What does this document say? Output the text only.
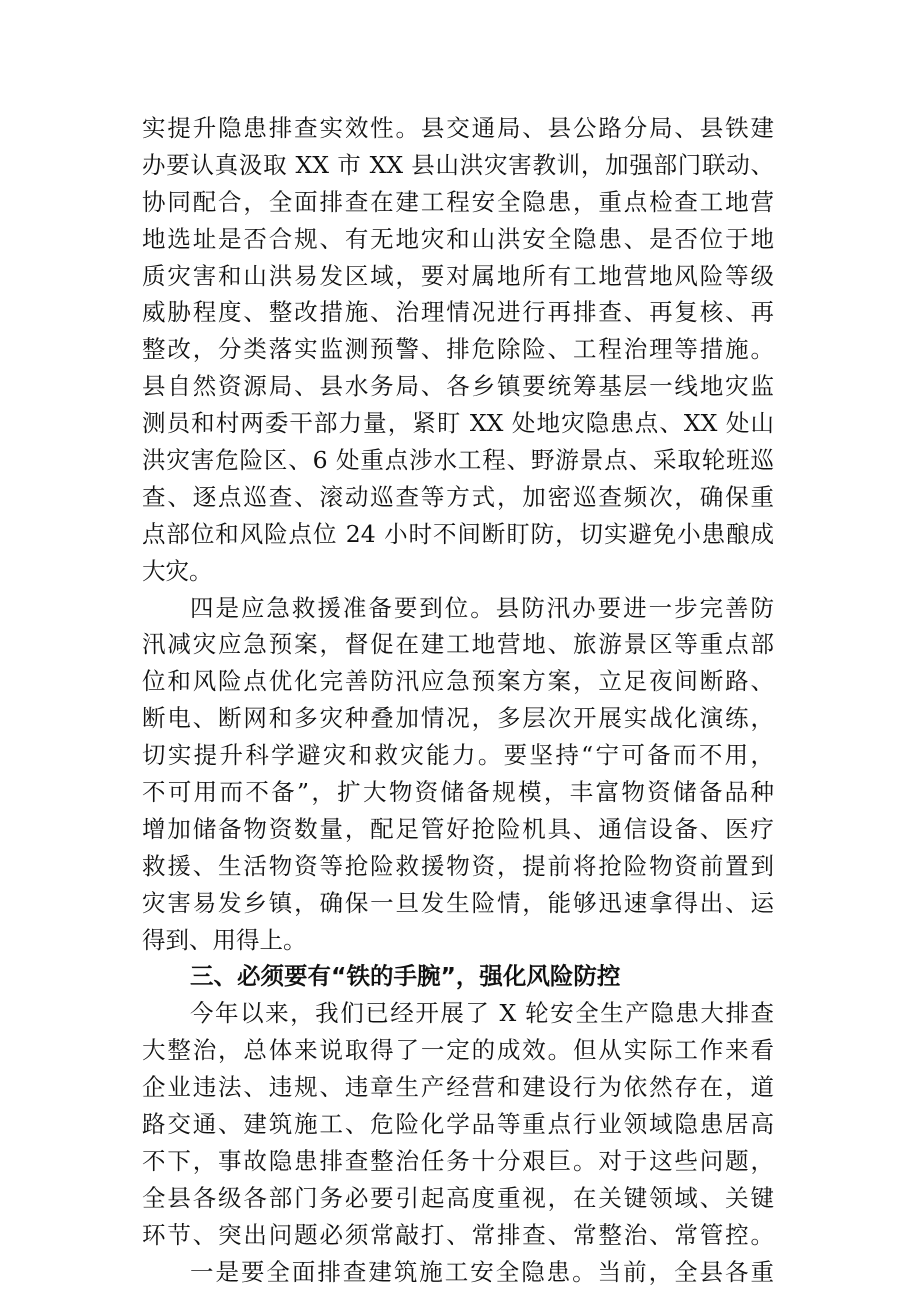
实提升隐患排查实效性。县交通局、县公路分局、县铁建
办要认真汲取 XX 市 XX 县山洪灾害教训，加强部门联动、
协同配合，全面排查在建工程安全隐患，重点检查工地营
地选址是否合规、有无地灾和山洪安全隐患、是否位于地
质灾害和山洪易发区域，要对属地所有工地营地风险等级
威胁程度、整改措施、治理情况进行再排查、再复核、再
整改，分类落实监测预警、排危除险、工程治理等措施。
县自然资源局、县水务局、各乡镇要统筹基层一线地灾监
测员和村两委干部力量，紧盯 XX 处地灾隐患点、XX 处山
洪灾害危险区、6 处重点涉水工程、野游景点、采取轮班巡
查、逐点巡查、滚动巡查等方式，加密巡查频次，确保重
点部位和风险点位 24 小时不间断盯防，切实避免小患酿成
大灾。
四是应急救援准备要到位。县防汛办要进一步完善防
汛减灾应急预案，督促在建工地营地、旅游景区等重点部
位和风险点优化完善防汛应急预案方案，立足夜间断路、
断电、断网和多灾种叠加情况，多层次开展实战化演练，
切实提升科学避灾和救灾能力。要坚持“宁可备而不用，
不可用而不备”，扩大物资储备规模，丰富物资储备品种
增加储备物资数量，配足管好抢险机具、通信设备、医疗
救援、生活物资等抢险救援物资，提前将抢险物资前置到
灾害易发乡镇，确保一旦发生险情，能够迅速拿得出、运
得到、用得上。
三、必须要有“铁的手腕”，强化风险防控
今年以来，我们已经开展了 X 轮安全生产隐患大排查
大整治，总体来说取得了一定的成效。但从实际工作来看
企业违法、违规、违章生产经营和建设行为依然存在，道
路交通、建筑施工、危险化学品等重点行业领域隐患居高
不下，事故隐患排查整治任务十分艰巨。对于这些问题，
全县各级各部门务必要引起高度重视，在关键领域、关键
环节、突出问题必须常敲打、常排查、常整治、常管控。
一是要全面排查建筑施工安全隐患。当前，全县各重
